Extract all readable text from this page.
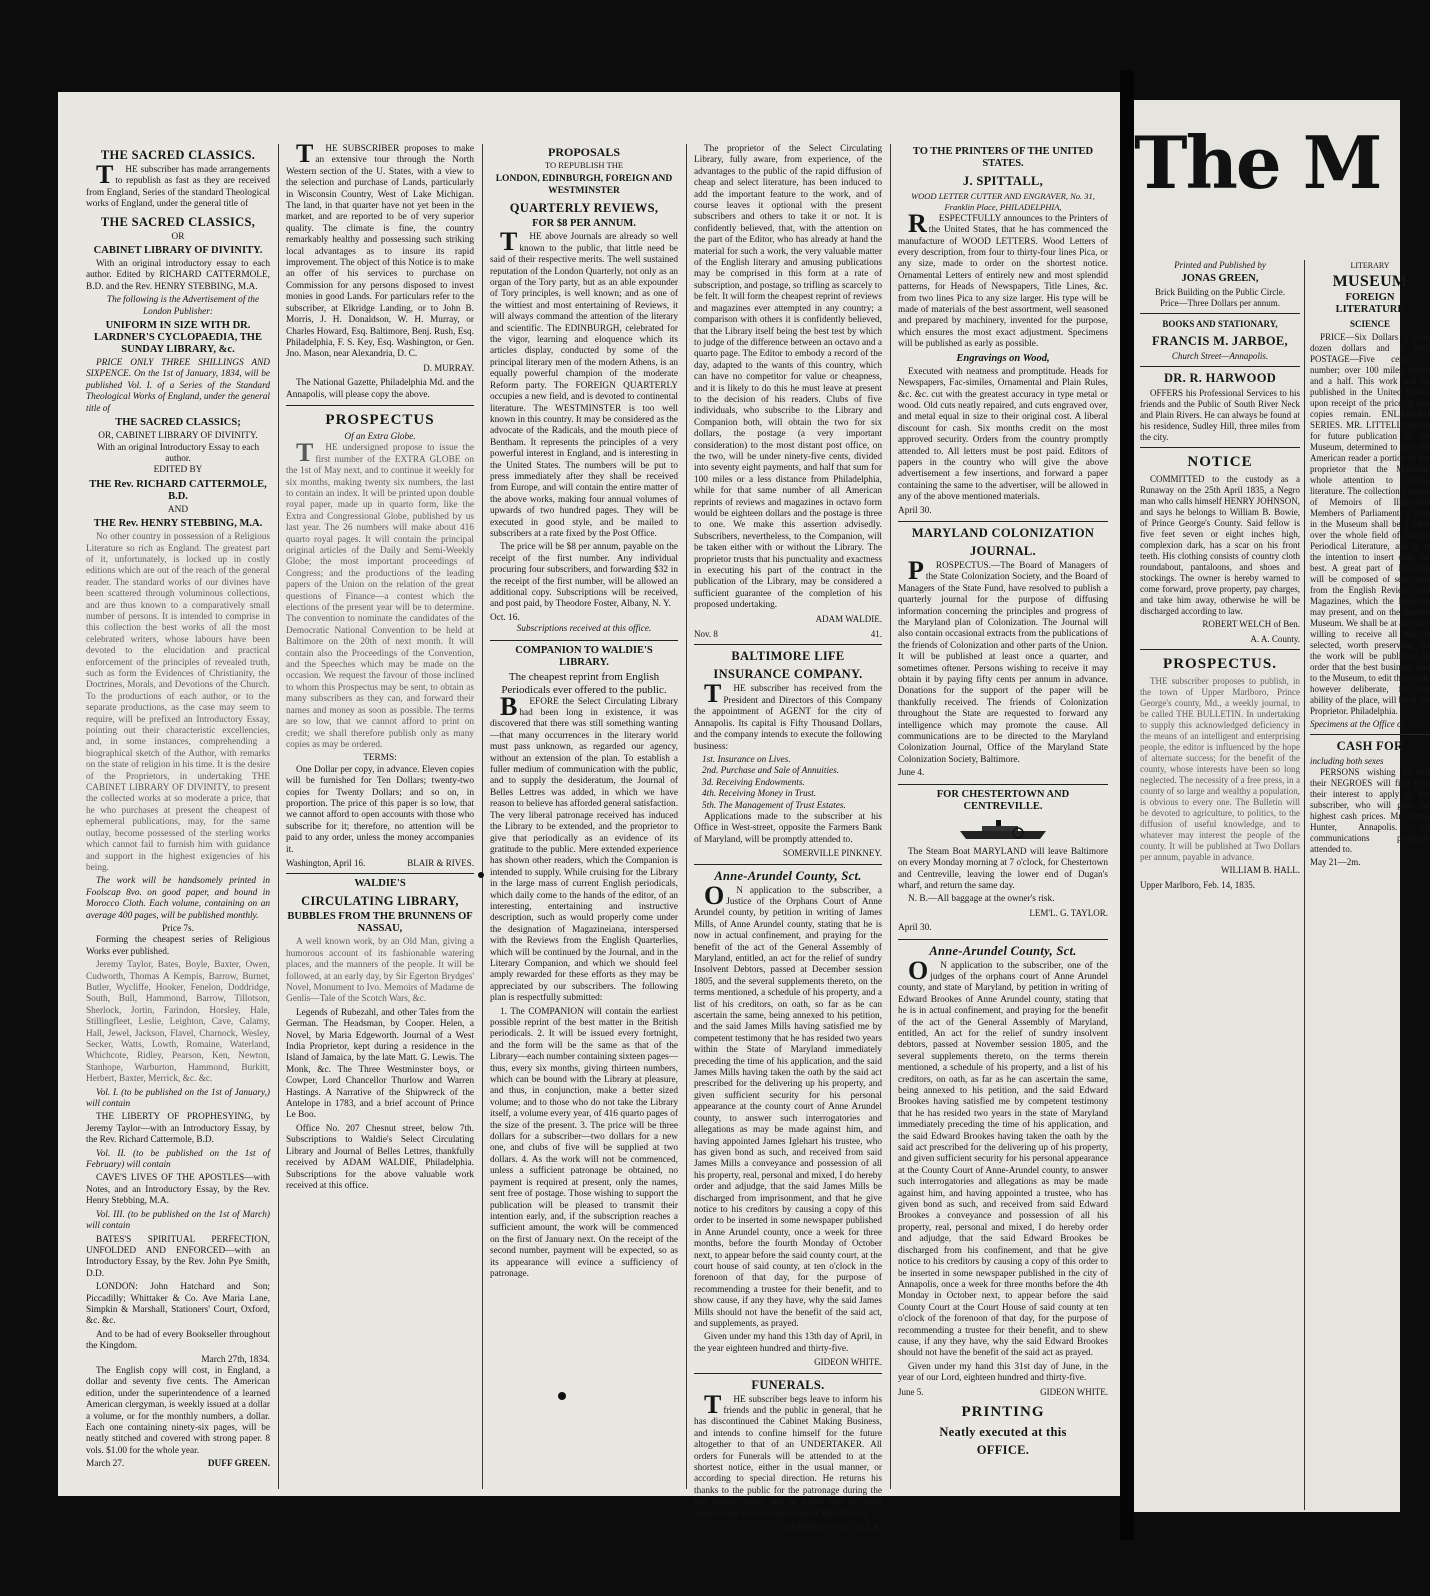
THE SACRED CLASSICS.

THE subscriber has made arrangements to republish as fast as they are received from England, Series of the standard Theological works of England, under the general title of

THE SACRED CLASSICS,
OR
CABINET LIBRARY OF DIVINITY.

With an original introductory essay to each author. Edited by RICHARD CATTERMOLE, B.D. and the Rev. HENRY STEBBING, M.A.

The following is the Advertisement of the London Publisher:

UNIFORM IN SIZE WITH DR. LARDNER'S CYCLOPAEDIA, THE SUNDAY LIBRARY, &c.

PRICE ONLY THREE SHILLINGS AND SIXPENCE. On the 1st of January, 1834, will be published Vol. I. of a Series of the Standard Theological Works of England, under the general title of

THE SACRED CLASSICS;
OR, CABINET LIBRARY OF DIVINITY.
With an original Introductory Essay to each author.
EDITED BY
THE Rev. RICHARD CATTERMOLE, B.D.
AND
THE Rev. HENRY STEBBING, M.A.

No other country in possession of a Religious Literature so rich as England. The greatest part of it, unfortunately, is locked up in costly editions which are out of the reach of the general reader. The standard works of our divines have been scattered through voluminous collections, and are thus known to a comparatively small number of persons. It is intended to comprise in this collection the best works of all the most celebrated writers, whose labours have been devoted to the elucidation and practical enforcement of the principles of revealed truth, such as form the Evidences of Christianity, the Doctrines, Morals, and Devotions of the Church. To the productions of each author, or to the separate productions, as the case may seem to require, will be prefixed an Introductory Essay, pointing out their characteristic excellencies, and, in some instances, comprehending a biographical sketch of the Author, with remarks on the state of religion in his time. It is the desire of the Proprietors, in undertaking THE CABINET LIBRARY OF DIVINITY, to present the collected works at so moderate a price, that he who purchases at present the cheapest of ephemeral publications, may, for the same outlay, become possessed of the sterling works which cannot fail to furnish him with guidance and support in the highest exigencies of his being.

The work will be handsomely printed in Foolscap 8vo. on good paper, and bound in Morocco Cloth. Each volume, containing on an average 400 pages, will be published monthly.

Price 7s.

Forming the cheapest series of Religious Works ever published.

Jeremy Taylor, Bates, Boyle, Baxter, Owen, Cudworth, Thomas A Kempis, Barrow, Burnet, Butler, Wycliffe, Hooker, Fenelon, Doddridge, South, Bull, Hammond, Barrow, Tillotson, Sherlock, Jortin, Farindon, Horsley, Hale, Stillingfleet, Leslie, Leighton, Cave, Calamy, Hall, Jewel, Jackson, Flavel, Charnock, Wesley, Secker, Watts, Lowth, Romaine, Waterland, Whichcote, Ridley, Pearson, Ken, Newton, Stanhope, Warburton, Hammond, Burkitt, Herbert, Baxter, Merrick, &c. &c.

Vol. I. (to be published on the 1st of January,) will contain

THE LIBERTY OF PROPHESYING, by Jeremy Taylor—with an Introductory Essay, by the Rev. Richard Cattermole, B.D.

Vol. II. (to be published on the 1st of February) will contain

CAVE'S LIVES OF THE APOSTLES—with Notes, and an Introductory Essay, by the Rev. Henry Stebbing, M.A.

Vol. III. (to be published on the 1st of March) will contain

BATES'S SPIRITUAL PERFECTION, UNFOLDED AND ENFORCED—with an Introductory Essay, by the Rev. John Pye Smith, D.D.

LONDON: John Hatchard and Son; Piccadilly; Whittaker & Co. Ave Maria Lane, Simpkin & Marshall, Stationers' Court, Oxford, &c. &c.

And to be had of every Bookseller throughout the Kingdom.

March 27th, 1834.

The English copy will cost, in England, a dollar and seventy five cents. The American edition, under the superintendence of a learned American clergyman, is weekly issued at a dollar a volume, or for the monthly numbers, a dollar. Each one containing ninety-six pages, will be neatly stitched and covered with strong paper. 8 vols. $1.00 for the whole year.

March 27.	DUFF GREEN.

THE SUBSCRIBER proposes to make an extensive tour through the North Western section of the U. States, with a view to the selection and purchase of Lands, particularly in Wisconsin Country, West of Lake Michigan. The land, in that quarter have not yet been in the market, and are reported to be of very superior quality. The climate is fine, the country remarkably healthy and possessing such striking local advantages as to insure its rapid improvement. The object of this Notice is to make an offer of his services to purchase on Commission for any persons disposed to invest monies in good Lands. For particulars refer to the subscriber, at Elkridge Landing, or to John B. Morris, J. H. Donaldson, W. H. Murray, or Charles Howard, Esq. Baltimore, Benj. Rush, Esq. Philadelphia, F. S. Key, Esq. Washington, or Gen. Jno. Mason, near Alexandria, D. C.

D. MURRAY.

The National Gazette, Philadelphia Md. and the Annapolis, will please copy the above.

PROSPECTUS
Of an Extra Globe.

THE undersigned propose to issue the first number of the EXTRA GLOBE on the 1st of May next, and to continue it weekly for six months, making twenty six numbers, the last to contain an index. It will be printed upon double royal paper, made up in quarto form, like the Extra and Congressional Globe, published by us last year. The 26 numbers will make about 416 quarto royal pages. It will contain the principal original articles of the Daily and Semi-Weekly Globe; the most important proceedings of Congress; and the productions of the leading papers of the Union on the relation of the great questions of Finance—a contest which the elections of the present year will be to determine. The convention to nominate the candidates of the Democratic National Convention to be held at Baltimore on the 20th of next month. It will contain also the Proceedings of the Convention, and the Speeches which may be made on the occasion. We request the favour of those inclined to whom this Prospectus may be sent, to obtain as many subscribers as they can, and forward their names and money as soon as possible. The terms are so low, that we cannot afford to print on credit; we shall therefore publish only as many copies as may be ordered.

TERMS:

One Dollar per copy, in advance. Eleven copies will be furnished for Ten Dollars; twenty-two copies for Twenty Dollars; and so on, in proportion. The price of this paper is so low, that we cannot afford to open accounts with those who subscribe for it; therefore, no attention will be paid to any order, unless the money accompanies it.

Washington, April 16.	BLAIR & RIVES.
WALDIE'S
CIRCULATING LIBRARY,
BUBBLES FROM THE BRUNNENS OF NASSAU,

A well known work, by an Old Man, giving a humorous account of its fashionable watering places, and the manners of the people. It will be followed, at an early day, by Sir Egerton Brydges' Novel, Monument to Ivo. Memoirs of Madame de Genlis—Tale of the Scotch Wars, &c.

Legends of Rubezahl, and other Tales from the German. The Headsman, by Cooper. Helen, a Novel, by Maria Edgeworth. Journal of a West India Proprietor, kept during a residence in the Island of Jamaica, by the late Matt. G. Lewis. The Monk, &c. The Three Westminster boys, or Cowper, Lord Chancellor Thurlow and Warren Hastings. A Narrative of the Shipwreck of the Antelope in 1783, and a brief account of Prince Le Boo.

Office No. 207 Chesnut street, below 7th. Subscriptions to Waldie's Select Circulating Library and Journal of Belles Lettres, thankfully received by ADAM WALDIE, Philadelphia. Subscriptions for the above valuable work received at this office.

PROPOSALS
TO REPUBLISH THE
LONDON, EDINBURGH, FOREIGN AND WESTMINSTER
QUARTERLY REVIEWS,
FOR $8 PER ANNUM.

THE above Journals are already so well known to the public, that little need be said of their respective merits. The well sustained reputation of the London Quarterly, not only as an organ of the Tory party, but as an able expounder of Tory principles, is well known; and as one of the wittiest and most entertaining of Reviews, it will always command the attention of the literary and scientific. The EDINBURGH, celebrated for the vigor, learning and eloquence which its articles display, conducted by some of the principal literary men of the modern Athens, is an equally powerful champion of the moderate Reform party. The FOREIGN QUARTERLY occupies a new field, and is devoted to continental literature. The WESTMINSTER is too well known in this country. It may be considered as the advocate of the Radicals, and the mouth piece of Bentham. It represents the principles of a very powerful interest in England, and is interesting in the United States. The numbers will be put to press immediately after they shall be received from Europe, and will contain the entire matter of the above works, making four annual volumes of upwards of two hundred pages. They will be executed in good style, and be mailed to subscribers at a rate fixed by the Post Office.

The price will be $8 per annum, payable on the receipt of the first number. Any individual procuring four subscribers, and forwarding $32 in the receipt of the first number, will be allowed an additional copy. Subscriptions will be received, and post paid, by Theodore Foster, Albany, N. Y.

Oct. 16.
Subscriptions received at this office.
COMPANION TO WALDIE'S LIBRARY.
The cheapest reprint from English Periodicals ever offered to the public.

BEFORE the Select Circulating Library had been long in existence, it was discovered that there was still something wanting—that many occurrences in the literary world must pass unknown, as regarded our agency, without an extension of the plan. To establish a fuller medium of communication with the public, and to supply the desideratum, the Journal of Belles Lettres was added, in which we have reason to believe has afforded general satisfaction. The very liberal patronage received has induced the Library to be extended, and the proprietor to give that periodically as an evidence of its gratitude to the public. Mere extended experience has shown other readers, which the Companion is intended to supply. While cruising for the Library in the large mass of current English periodicals, which daily come to the hands of the editor, of an interesting, entertaining and instructive description, such as would properly come under the designation of Magazineiana, interspersed with the Reviews from the English Quarterlies, which will be continued by the Journal, and in the Literary Companion, and which we should feel amply rewarded for these efforts as they may be appreciated by our subscribers. The following plan is respectfully submitted:

1. The COMPANION will contain the earliest possible reprint of the best matter in the British periodicals. 2. It will be issued every fortnight, and the form will be the same as that of the Library—each number containing sixteen pages—thus, every six months, giving thirteen numbers, which can be bound with the Library at pleasure, and thus, in conjunction, make a better sized volume; and to those who do not take the Library itself, a volume every year, of 416 quarto pages of the size of the present. 3. The price will be three dollars for a subscriber—two dollars for a new one, and clubs of five will be supplied at two dollars. 4. As the work will not be commenced, unless a sufficient patronage be obtained, no payment is required at present, only the names, sent free of postage. Those wishing to support the publication will be pleased to transmit their intention early, and, if the subscription reaches a sufficient amount, the work will be commenced on the first of January next. On the receipt of the second number, payment will be expected, so as its appearance will evince a sufficiency of patronage.

The proprietor of the Select Circulating Library, fully aware, from experience, of the advantages to the public of the rapid diffusion of cheap and select literature, has been induced to add the important feature to the work, and of course leaves it optional with the present subscribers and others to take it or not. It is confidently believed, that, with the attention on the part of the Editor, who has already at hand the material for such a work, the very valuable matter of the English literary and amusing publications may be comprised in this form at a rate of subscription, and postage, so trifling as scarcely to be felt. It will form the cheapest reprint of reviews and magazines ever attempted in any country; a comparison with others it is confidently believed, that the Library itself being the best test by which to judge of the difference between an octavo and a quarto page. The Editor to embody a record of the day, adapted to the wants of this country, which can have no competitor for value or cheapness, and it is likely to do this he must leave at present to the decision of his readers. Clubs of five individuals, who subscribe to the Library and Companion both, will obtain the two for six dollars, the postage (a very important consideration) to the most distant post office, on the two, will be under ninety-five cents, divided into seventy eight payments, and half that sum for 100 miles or a less distance from Philadelphia, while for that same number of all American reprints of reviews and magazines in octavo form would be eighteen dollars and the postage is three to one. We make this assertion advisedly. Subscribers, nevertheless, to the Companion, will be taken either with or without the Library. The proprietor trusts that his punctuality and exactness in executing his part of the contract in the publication of the Library, may be considered a sufficient guarantee of the completion of his proposed undertaking.

ADAM WALDIE.
Nov. 8	41.
BALTIMORE LIFE
INSURANCE COMPANY.

THE subscriber has received from the President and Directors of this Company the appointment of AGENT for the city of Annapolis. Its capital is Fifty Thousand Dollars, and the company intends to execute the following business:

1st. Insurance on Lives.
2nd. Purchase and Sale of Annuities.
3d. Receiving Endowments.
4th. Receiving Money in Trust.
5th. The Management of Trust Estates.

Applications made to the subscriber at his Office in West-street, opposite the Farmers Bank of Maryland, will be promptly attended to.

SOMERVILLE PINKNEY.
Anne-Arundel County, Sct.

ON application to the subscriber, a Justice of the Orphans Court of Anne Arundel county, by petition in writing of James Mills, of Anne Arundel county, stating that he is now in actual confinement, and praying for the benefit of the act of the General Assembly of Maryland, entitled, an act for the relief of sundry Insolvent Debtors, passed at December session 1805, and the several supplements thereto, on the terms mentioned, a schedule of his property, and a list of his creditors, on oath, so far as he can ascertain the same, being annexed to his petition, and the said James Mills having satisfied me by competent testimony that he has resided two years within the State of Maryland immediately preceding the time of his application, and the said James Mills having taken the oath by the said act prescribed for the delivering up his property, and given sufficient security for his personal appearance at the county court of Anne Arundel county, to answer such interrogatories and allegations as may be made against him, and having appointed James Iglehart his trustee, who has given bond as such, and received from said James Mills a conveyance and possession of all his property, real, personal and mixed, I do hereby order and adjudge, that the said James Mills be discharged from imprisonment, and that he give notice to his creditors by causing a copy of this order to be inserted in some newspaper published in Anne Arundel county, once a week for three months, before the fourth Monday of October next, to appear before the said county court, at the court house of said county, at ten o'clock in the forenoon of that day, for the purpose of recommending a trustee for their benefit, and to show cause, if any they have, why the said James Mills should not have the benefit of the said act, and supplements, as prayed.

Given under my hand this 13th day of April, in the year eighteen hundred and thirty-five.

GIDEON WHITE.
FUNERALS.

THE subscriber begs leave to inform his friends and the public in general, that he has discontinued the Cabinet Making Business, and intends to confine himself for the future altogether to that of an UNDERTAKER. All orders for Funerals will be attended to at the shortest notice, either in the usual manner, or according to special direction. He returns his thanks to the public for the patronage during the last twenty years, and he hopes that by strict attention he will continue to merit their favour.

WASHINGTON G. TUCK.
TO THE PRINTERS OF THE UNITED STATES.
J. SPITTALL,
WOOD LETTER CUTTER AND ENGRAVER, No. 31, Franklin Place, PHILADELPHIA,

RESPECTFULLY announces to the Printers of the United States, that he has commenced the manufacture of WOOD LETTERS. Wood Letters of every description, from four to thirty-four lines Pica, or any size, made to order on the shortest notice. Ornamental Letters of entirely new and most splendid patterns, for Heads of Newspapers, Title Lines, &c. from two lines Pica to any size larger. His type will be made of materials of the best assortment, well seasoned and prepared by machinery, invented for the purpose, which ensures the most exact adjustment. Specimens will be published as early as possible.

Engravings on Wood,

Executed with neatness and promptitude. Heads for Newspapers, Fac-similes, Ornamental and Plain Rules, &c. &c. cut with the greatest accuracy in type metal or wood. Old cuts neatly repaired, and cuts engraved over, and metal equal in size to their original cost. A liberal discount for cash. Six months credit on the most approved security. Orders from the country promptly attended to. All letters must be post paid. Editors of papers in the country who will give the above advertisement a few insertions, and forward a paper containing the same to the advertiser, will be allowed in any of the above mentioned materials.

April 30.
MARYLAND COLONIZATION
JOURNAL.

PROSPECTUS.—The Board of Managers of the State Colonization Society, and the Board of Managers of the State Fund, have resolved to publish a quarterly journal for the purpose of diffusing information concerning the principles and progress of the Maryland plan of Colonization. The Journal will also contain occasional extracts from the publications of the friends of Colonization and other parts of the Union. It will be published at least once a quarter, and sometimes oftener. Persons wishing to receive it may obtain it by paying fifty cents per annum in advance. Donations for the support of the paper will be thankfully received. The friends of Colonization throughout the State are requested to forward any intelligence which may promote the cause. All communications are to be directed to the Maryland Colonization Journal, Office of the Maryland State Colonization Society, Baltimore.

June 4.
FOR CHESTERTOWN AND CENTREVILLE.

The Steam Boat MARYLAND will leave Baltimore on every Monday morning at 7 o'clock, for Chestertown and Centreville, leaving the lower end of Dugan's wharf, and return the same day.

N. B.—All baggage at the owner's risk.

LEM'L. G. TAYLOR.
April 30.
Anne-Arundel County, Sct.

ON application to the subscriber, one of the judges of the orphans court of Anne Arundel county, and state of Maryland, by petition in writing of Edward Brookes of Anne Arundel county, stating that he is in actual confinement, and praying for the benefit of the act of the General Assembly of Maryland, entitled, An act for the relief of sundry insolvent debtors, passed at November session 1805, and the several supplements thereto, on the terms therein mentioned, a schedule of his property, and a list of his creditors, on oath, as far as he can ascertain the same, being annexed to his petition, and the said Edward Brookes having satisfied me by competent testimony that he has resided two years in the state of Maryland immediately preceding the time of his application, and the said Edward Brookes having taken the oath by the said act prescribed for the delivering up of his property, and given sufficient security for his personal appearance at the County Court of Anne-Arundel county, to answer such interrogatories and allegations as may be made against him, and having appointed a trustee, who has given bond as such, and received from said Edward Brookes a conveyance and possession of all his property, real, personal and mixed, I do hereby order and adjudge, that the said Edward Brookes be discharged from his confinement, and that he give notice to his creditors by causing a copy of this order to be inserted in some newspaper published in the city of Annapolis, once a week for three months before the 4th Monday in October next, to appear before the said County Court at the Court House of said county at ten o'clock of the forenoon of that day, for the purpose of recommending a trustee for their benefit, and to shew cause, if any they have, why the said Edward Brookes should not have the benefit of the said act as prayed.

Given under my hand this 31st day of June, in the year of our Lord, eighteen hundred and thirty-five.

June 5.	GIDEON WHITE.
PRINTING
Neatly executed at this
OFFICE.
The M
Printed and Published by
JONAS GREEN,
Brick Building on the Public Circle.
Price—Three Dollars per annum.
BOOKS AND STATIONARY,
FRANCIS M. JARBOE,
Church Street—Annapolis.
DR. R. HARWOOD

OFFERS his Professional Services to his friends and the Public of South River Neck and Plain Rivers. He can always be found at his residence, Sudley Hill, three miles from the city.

NOTICE

COMMITTED to the custody as a Runaway on the 25th April 1835, a Negro man who calls himself HENRY JOHNSON, and says he belongs to William B. Bowie, of Prince George's County. Said fellow is five feet seven or eight inches high, complexion dark, has a scar on his front teeth. His clothing consists of country cloth roundabout, pantaloons, and shoes and stockings. The owner is hereby warned to come forward, prove property, pay charges, and take him away, otherwise he will be discharged according to law.

ROBERT WELCH of Ben.
A. A. County.
PROSPECTUS.

THE subscriber proposes to publish, in the town of Upper Marlboro, Prince George's county, Md., a weekly journal, to be called THE BULLETIN. In undertaking to supply this acknowledged deficiency in the means of an intelligent and enterprising people, the editor is influenced by the hope of alternate success; for the benefit of the county, whose interests have been so long neglected. The necessity of a free press, in a county of so large and wealthy a population, is obvious to every one. The Bulletin will be devoted to agriculture, to politics, to the diffusion of useful knowledge, and to whatever may interest the people of the county. It will be published at Two Dollars per annum, payable in advance.

WILLIAM B. HALL.
Upper Marlboro, Feb. 14, 1835.
LITERARY
MUSEUM
FOREIGN LITERATURE
SCIENCE

PRICE—Six Dollars a year, dozen dollars and a half. POSTAGE—Five cents a number; over 100 miles, seven and a half. This work will be published in the United States, upon receipt of the price. A few copies remain. ENLARGED SERIES. MR. LITTELL having for future publication of the Museum, determined to give the American reader a portion of the proprietor that the Museum, whole attention to foreign literature. The collection a series of Memoirs of Illustrious Members of Parliament, a plan in the Museum shall be a view over the whole field of foreign Periodical Literature, and it is the intention to insert only the best. A great part of Museum will be composed of selections from the English Reviews and Magazines, which the Museum may present, and on the Burden Museum. We shall be at all times willing to receive all that is selected, worth preserving. As the work will be published in order that the best business, and to the Museum, to edit this work, however deliberate, for the ability of the place, will be in the Proprietor. Philadelphia.

Specimens at the Office of
CASH FOR
including both sexes

PERSONS wishing to sell their NEGROES will find it to their interest to apply to the subscriber, who will give the highest cash prices. Mr. James Hunter, Annapolis. All communications promptly attended to.

May 21—2m.
